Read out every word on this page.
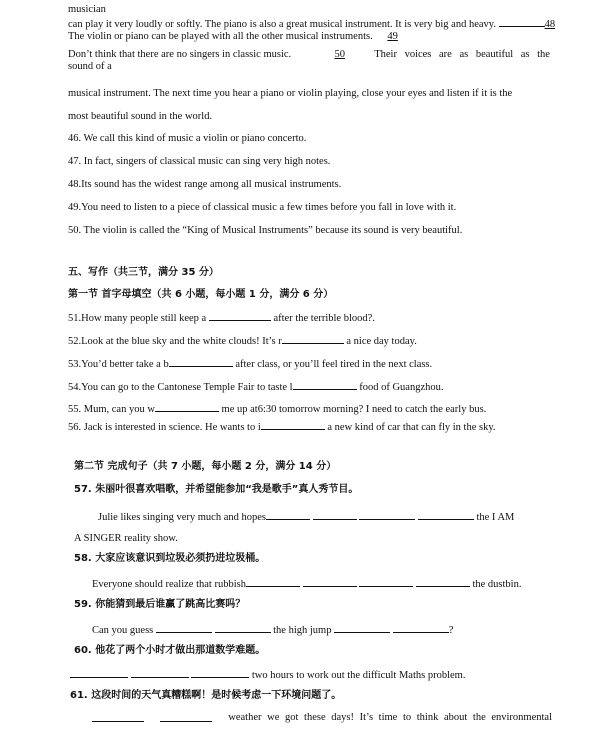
musician
can play it very loudly or softly. The piano is also a great musical instrument. It is very big and heavy.	48
The violin or piano can be played with all the other musical instruments. 49
Don’t think that there are no singers in classic music.	50	Their voices are as beautiful as the
sound of a
musical instrument. The next time you hear a piano or violin playing, close your eyes and listen if it is the
most beautiful sound in the world.
46. We call this kind of music a violin or piano concerto.
47. In fact, singers of classical music can sing very high notes.
48.Its sound has the widest range among all musical instruments.
49.You need to listen to a piece of classical music a few times before you fall in love with it.
50. The violin is called the “King of Musical Instruments” because its sound is very beautiful.
五、写作（共三节，满分 35 分）
第一节 首字母填空（共 6 小题，每小题 1 分，满分 6 分）
51.How many people still keep a	after the terrible blood?.
52.Look at the blue sky and the white clouds! It’s r	a nice day today.
53.You’d better take a b	after class, or you’ll feel tired in the next class.
54.You can go to the Cantonese Temple Fair to taste l	food of Guangzhou.
55. Mum, can you w	me up at6:30 tomorrow morning? I need to catch the early bus.
56. Jack is interested in science. He wants to i	a new kind of car that can fly in the sky.
第二节 完成句子（共 7 小题，每小题 2 分，满分 14 分）
57. 朱丽叶很喜欢唱歌，并希望能参加“我是歌手”真人秀节目。
Julie likes singing very much and hopes	the I AM
A SINGER reality show.
58. 大家应该意识到垃圾必须扔进垃圾桶。
Everyone should realize that rubbish	the dustbin.
59. 你能猜到最后谁赢了跳高比赛吗？
Can you guess	the high jump	?
60. 他花了两个小时才做出那道数学难题。
two hours to work out the difficult Maths problem.
61. 这段时间的天气真糟糕啊！是时候考虑一下环境问题了。
weather we got these days! It’s time to think about the environmental
